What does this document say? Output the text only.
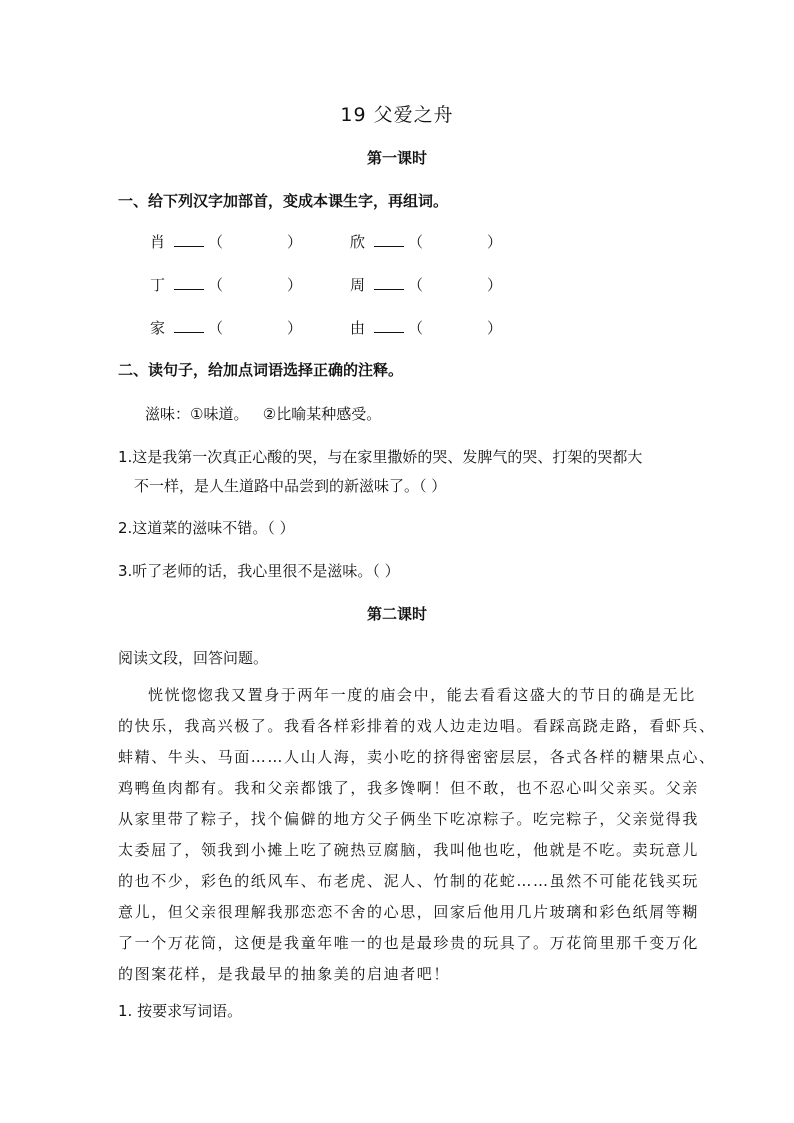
19 父爱之舟
第一课时
一、给下列汉字加部首，变成本课生字，再组词。
肖	（	）	欣	（	）
丁	（	）	周	（	）
家	（	）	由	（	）
二、读句子，给加点词语选择正确的注释。
滋味：①味道。   ②比喻某种感受。
1.这是我第一次真正心酸的哭，与在家里撒娇的哭、发脾气的哭、打架的哭都大
不一样，是人生道路中品尝到的新滋味了。（ ）
2.这道菜的滋味不错。（ ）
3.听了老师的话，我心里很不是滋味。（ ）
第二课时
阅读文段，回答问题。
恍恍惚惚我又置身于两年一度的庙会中，能去看看这盛大的节日的确是无比
的快乐，我高兴极了。我看各样彩排着的戏人边走边唱。看踩高跷走路，看虾兵、
蚌精、牛头、马面……人山人海，卖小吃的挤得密密层层，各式各样的糖果点心、
鸡鸭鱼肉都有。我和父亲都饿了，我多馋啊！但不敢，也不忍心叫父亲买。父亲
从家里带了粽子，找个偏僻的地方父子俩坐下吃凉粽子。吃完粽子，父亲觉得我
太委屈了，领我到小摊上吃了碗热豆腐脑，我叫他也吃，他就是不吃。卖玩意儿
的也不少，彩色的纸风车、布老虎、泥人、竹制的花蛇……虽然不可能花钱买玩
意儿，但父亲很理解我那恋恋不舍的心思，回家后他用几片玻璃和彩色纸屑等糊
了一个万花筒，这便是我童年唯一的也是最珍贵的玩具了。万花筒里那千变万化
的图案花样，是我最早的抽象美的启迪者吧！
1. 按要求写词语。
